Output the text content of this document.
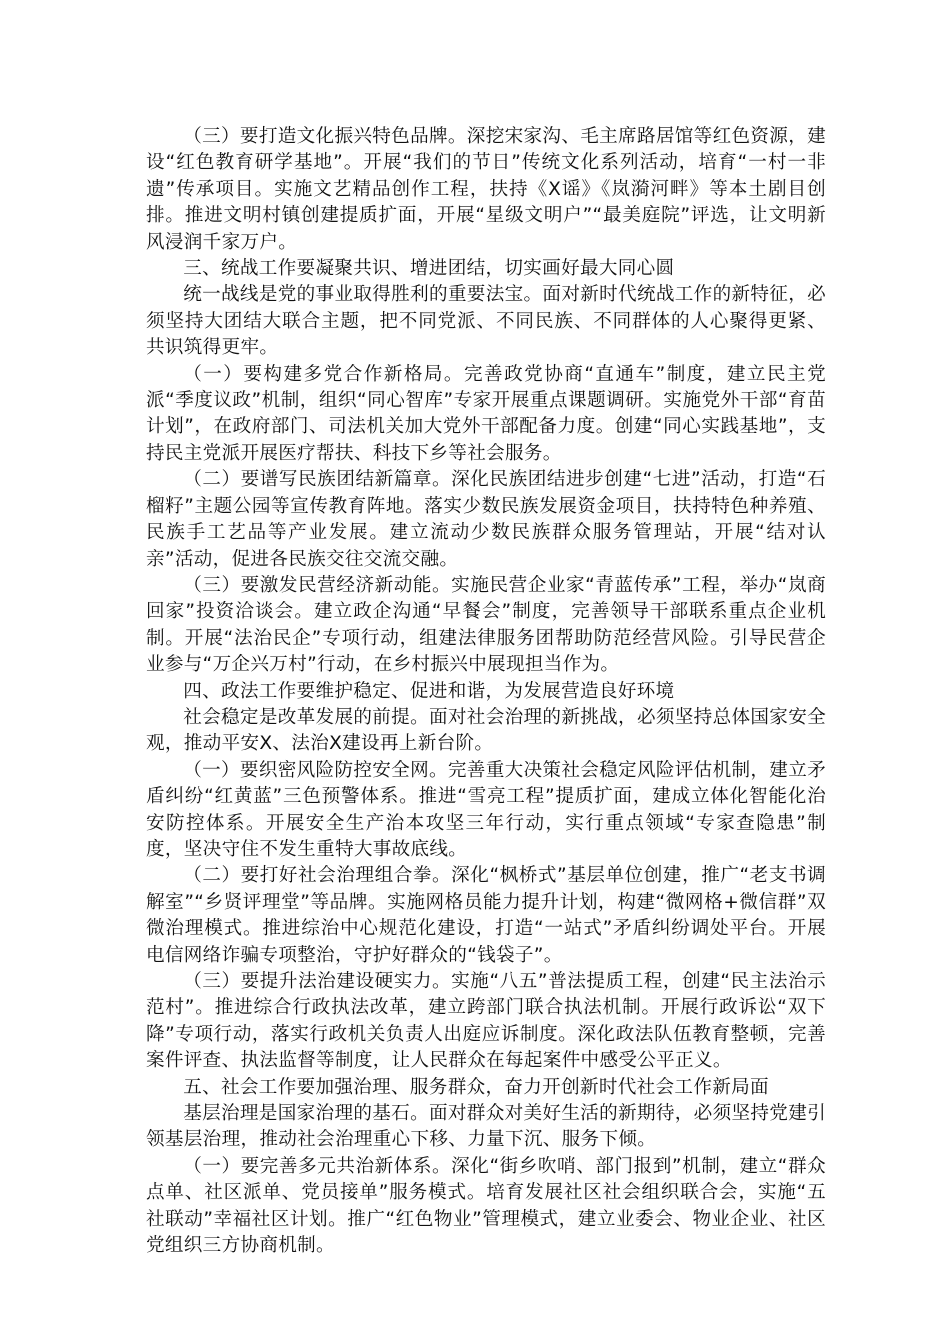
（三）要打造文化振兴特色品牌。深挖宋家沟、毛主席路居馆等红色资源，建设“红色教育研学基地”。开展“我们的节日”传统文化系列活动，培育“一村一非遗”传承项目。实施文艺精品创作工程，扶持《X谣》《岚漪河畔》等本土剧目创排。推进文明村镇创建提质扩面，开展“星级文明户”“最美庭院”评选，让文明新风浸润千家万户。

三、统战工作要凝聚共识、增进团结，切实画好最大同心圆

统一战线是党的事业取得胜利的重要法宝。面对新时代统战工作的新特征，必须坚持大团结大联合主题，把不同党派、不同民族、不同群体的人心聚得更紧、共识筑得更牢。

（一）要构建多党合作新格局。完善政党协商“直通车”制度，建立民主党派“季度议政”机制，组织“同心智库”专家开展重点课题调研。实施党外干部“育苗计划”，在政府部门、司法机关加大党外干部配备力度。创建“同心实践基地”，支持民主党派开展医疗帮扶、科技下乡等社会服务。

（二）要谱写民族团结新篇章。深化民族团结进步创建“七进”活动，打造“石榴籽”主题公园等宣传教育阵地。落实少数民族发展资金项目，扶持特色种养殖、民族手工艺品等产业发展。建立流动少数民族群众服务管理站，开展“结对认亲”活动，促进各民族交往交流交融。

（三）要激发民营经济新动能。实施民营企业家“青蓝传承”工程，举办“岚商回家”投资洽谈会。建立政企沟通“早餐会”制度，完善领导干部联系重点企业机制。开展“法治民企”专项行动，组建法律服务团帮助防范经营风险。引导民营企业参与“万企兴万村”行动，在乡村振兴中展现担当作为。

四、政法工作要维护稳定、促进和谐，为发展营造良好环境

社会稳定是改革发展的前提。面对社会治理的新挑战，必须坚持总体国家安全观，推动平安X、法治X建设再上新台阶。

（一）要织密风险防控安全网。完善重大决策社会稳定风险评估机制，建立矛盾纠纷“红黄蓝”三色预警体系。推进“雪亮工程”提质扩面，建成立体化智能化治安防控体系。开展安全生产治本攻坚三年行动，实行重点领域“专家查隐患”制度，坚决守住不发生重特大事故底线。

（二）要打好社会治理组合拳。深化“枫桥式”基层单位创建，推广“老支书调解室”“乡贤评理堂”等品牌。实施网格员能力提升计划，构建“微网格+微信群”双微治理模式。推进综治中心规范化建设，打造“一站式”矛盾纠纷调处平台。开展电信网络诈骗专项整治，守护好群众的“钱袋子”。

（三）要提升法治建设硬实力。实施“八五”普法提质工程，创建“民主法治示范村”。推进综合行政执法改革，建立跨部门联合执法机制。开展行政诉讼“双下降”专项行动，落实行政机关负责人出庭应诉制度。深化政法队伍教育整顿，完善案件评查、执法监督等制度，让人民群众在每起案件中感受公平正义。

五、社会工作要加强治理、服务群众，奋力开创新时代社会工作新局面

基层治理是国家治理的基石。面对群众对美好生活的新期待，必须坚持党建引领基层治理，推动社会治理重心下移、力量下沉、服务下倾。

（一）要完善多元共治新体系。深化“街乡吹哨、部门报到”机制，建立“群众点单、社区派单、党员接单”服务模式。培育发展社区社会组织联合会，实施“五社联动”幸福社区计划。推广“红色物业”管理模式，建立业委会、物业企业、社区党组织三方协商机制。
